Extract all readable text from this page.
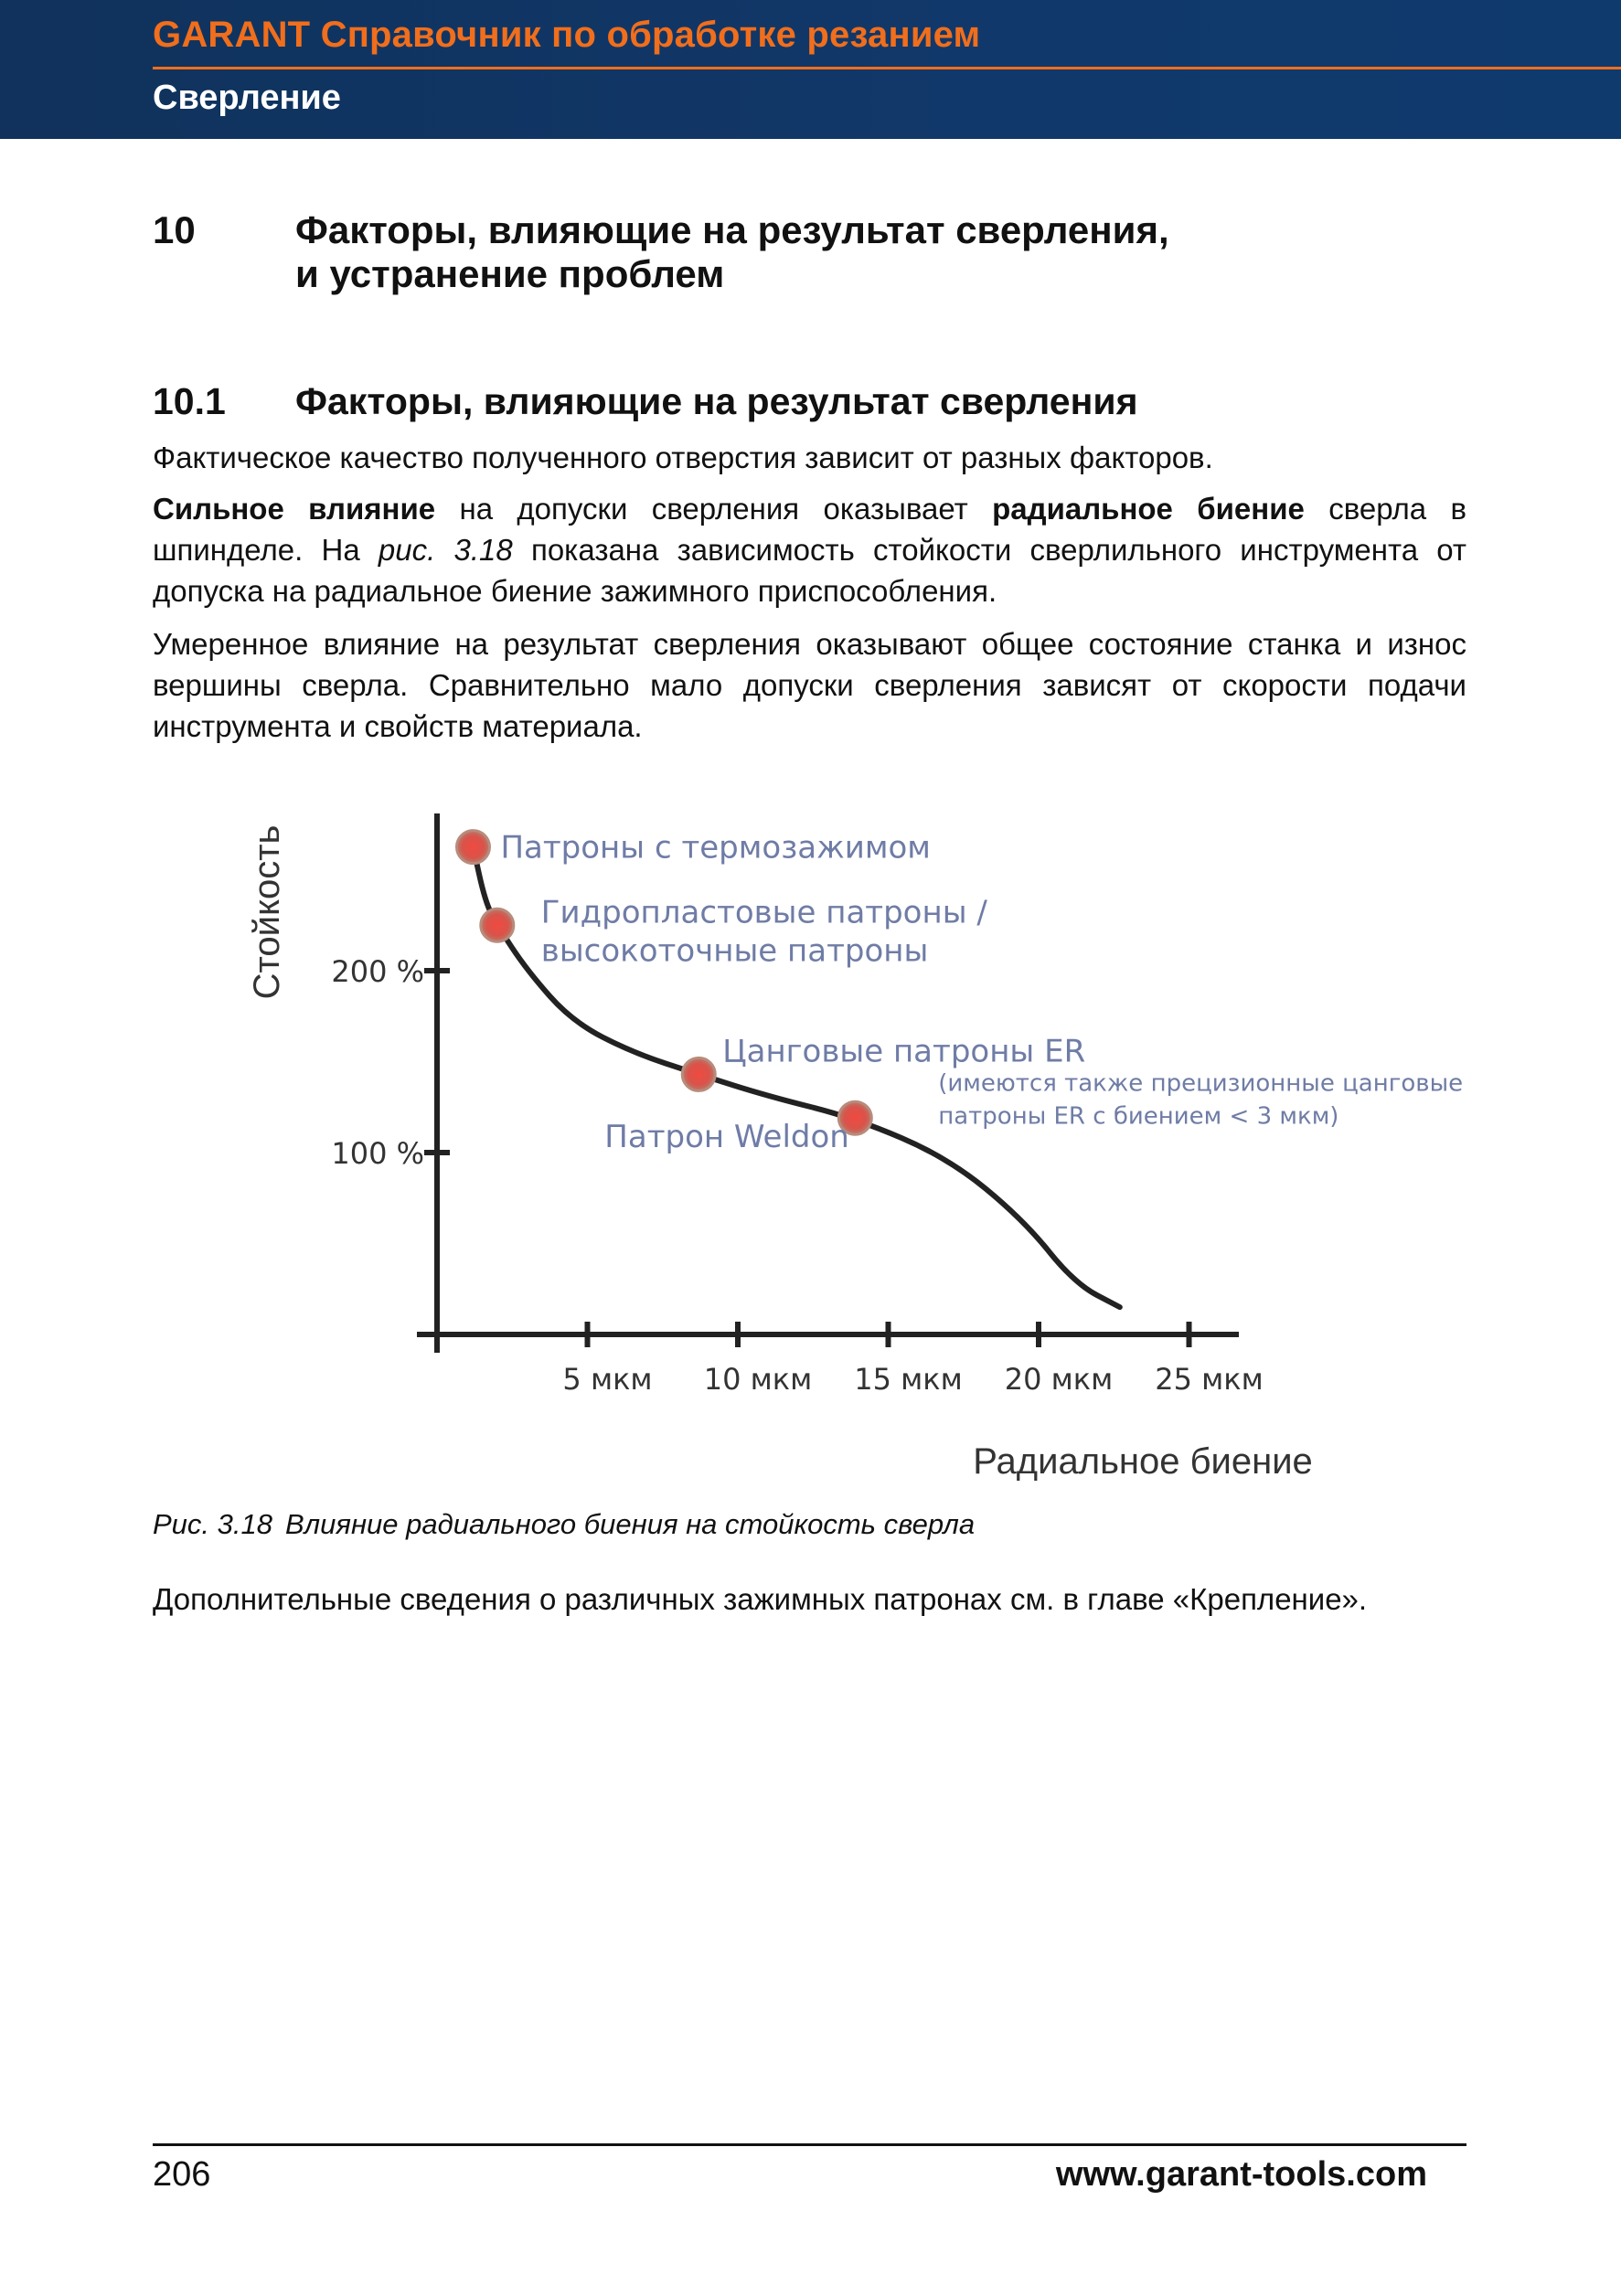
GARANT Справочник по обработке резанием
Сверление
10	Факторы, влияющие на результат сверления,
и устранение проблем
10.1 Факторы, влияющие на результат сверления

Фактическое качество полученного отверстия зависит от разных факторов.

Сильное влияние на допуски сверления оказывает радиальное биение сверла в шпинделе. На рис. 3.18 показана зависимость стойкости сверлильного инструмента от допуска на радиальное биение зажимного приспособления.

Умеренное влияние на результат сверления оказывают общее состояние станка и износ вершины сверла. Сравнительно мало допуски сверления зависят от скорости подачи инструмента и свойств материала.

5 мкм 10 мкм 15 мкм 20 мкм 25 мкм
100 %
200 %
Патроны с термозажимом
Гидропластовые патроны /
высокоточные патроны
Цанговые патроны ER
(имеются также прецизионные цанговые
патроны ER с биением < 3 мкм)
Патрон Weldon
Стойкость
Радиальное биение
Рис. 3.18 Влияние радиального биения на стойкость сверла

Дополнительные сведения о различных зажимных патронах см. в главе «Крепление».

206	www.garant-tools.com
